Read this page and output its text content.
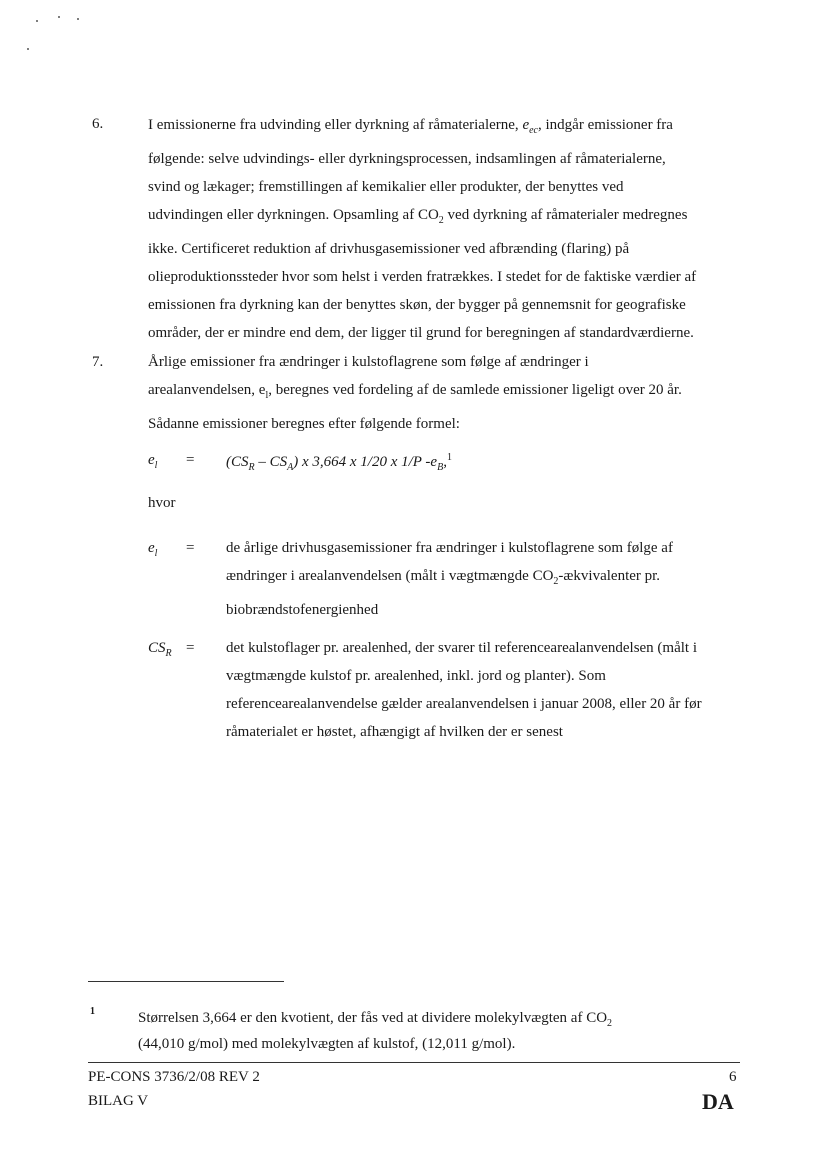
6.	I emissionerne fra udvinding eller dyrkning af råmaterialerne, $e_{ec}$, indgår emissioner fra
følgende: selve udvindings- eller dyrkningsprocessen, indsamlingen af råmaterialerne,
svind og lækager; fremstillingen af kemikalier eller produkter, der benyttes ved
udvindingen eller dyrkningen. Opsamling af $CO_2$ ved dyrkning af råmaterialer medregnes
ikke. Certificeret reduktion af drivhusgasemissioner ved afbrænding (flaring) på
olieproduktionssteder hvor som helst i verden fratrækkes. I stedet for de faktiske værdier af
emissionen fra dyrkning kan der benyttes skøn, der bygger på gennemsnit for geografiske
områder, der er mindre end dem, der ligger til grund for beregningen af standardværdierne.
7.	Årlige emissioner fra ændringer i kulstoflagrene som følge af ændringer i
arealanvendelsen, $e_l$, beregnes ved fordeling af de samlede emissioner ligeligt over 20 år.
Sådanne emissioner beregnes efter følgende formel:
$e_l = (CS_R - CS_A)$ x 3,664 x 1/20 x 1/P $-e_B,^1$
hvor
$e_l$ = de årlige drivhusgasemissioner fra ændringer i kulstoflagrene som følge af
ændringer i arealanvendelsen (målt i vægtmængde $CO_2$-ækvivalenter pr.
biobrændstofenergienhed
$CS_R = \det$ kulstoflager pr. arealenhed, der svarer til referencearealanvendelsen (målt i
vægtmængde kulstof pr. arealenhed, inkl. jord og planter). Som
referencearealanvendelse gælder arealanvendelsen i januar 2008, eller 20 år før
råmaterialet er høstet, afhængigt af hvilken der er senest
1	Størrelsen 3,664 er den kvotient, der fås ved at dividere molekylvægten af $CO_2$
(44,010 g/mol) med molekylvægten af kulstof, (12,011 g/mol).
PE-CONS 3736/2/08 REV 2
BILAG V
6
DA
